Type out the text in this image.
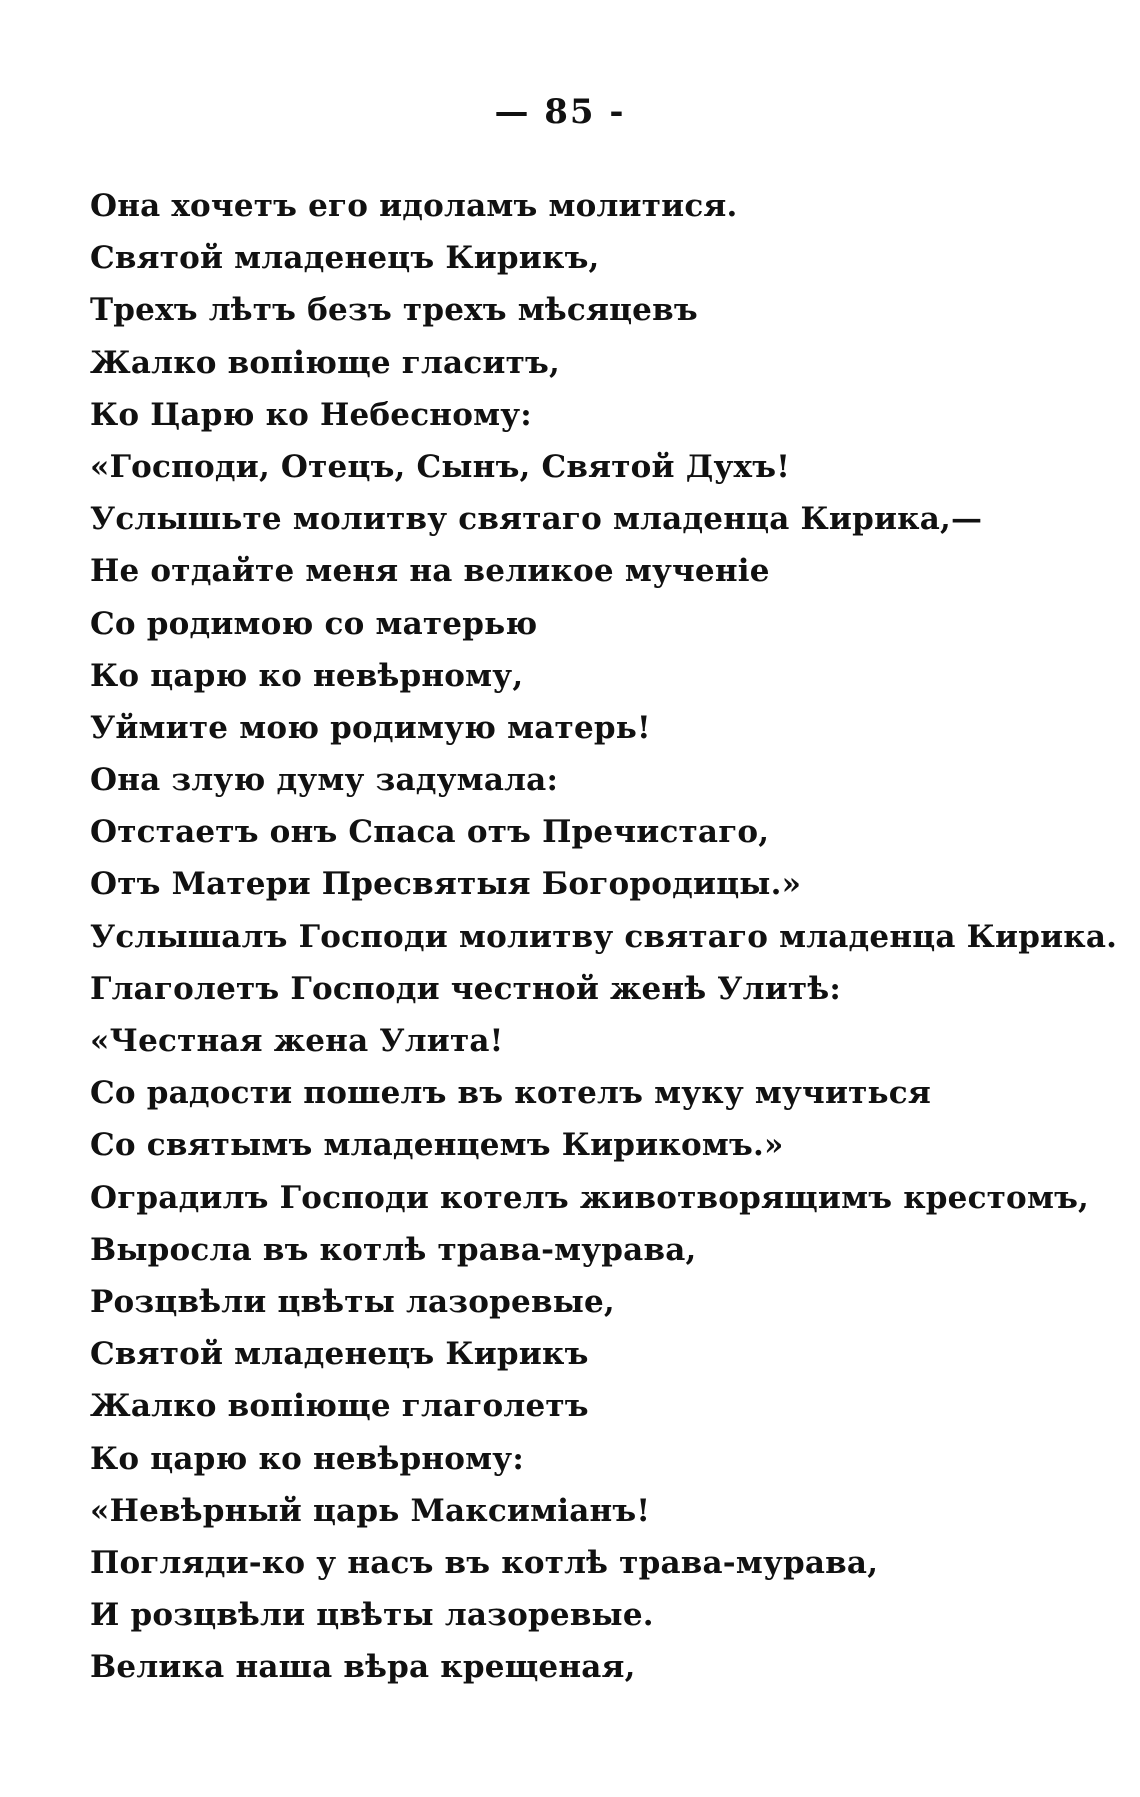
— 85 -
Она хочетъ его идоламъ молитися.
Святой младенецъ Кирикъ,
Трехъ лѣтъ безъ трехъ мѣсяцевъ
Жалко вопіюще гласитъ,
Ко Царю ко Небесному:
«Господи, Отецъ, Сынъ, Святой Духъ!
Услышьте молитву святаго младенца Кирика,—
Не отдайте меня на великое мученіе
Со родимою со матерью
Ко царю ко невѣрному,
Уймите мою родимую матерь!
Она злую думу задумала:
Отстаетъ онъ Спаса отъ Пречистаго,
Отъ Матери Пресвятыя Богородицы.»
Услышалъ Господи молитву святаго младенца Кирика.
Глаголетъ Господи честной женѣ Улитѣ:
«Честная жена Улита!
Со радости пошелъ въ котелъ муку мучиться
Со святымъ младенцемъ Кирикомъ.»
Оградилъ Господи котелъ животворящимъ крестомъ,
Выросла въ котлѣ трава-мурава,
Розцвѣли цвѣты лазоревые,
Святой младенецъ Кирикъ
Жалко вопіюще глаголетъ
Ко царю ко невѣрному:
«Невѣрный царь Максиміанъ!
Погляди-ко у насъ въ котлѣ трава-мурава,
И розцвѣли цвѣты лазоревые.
Велика наша вѣра крещеная,
